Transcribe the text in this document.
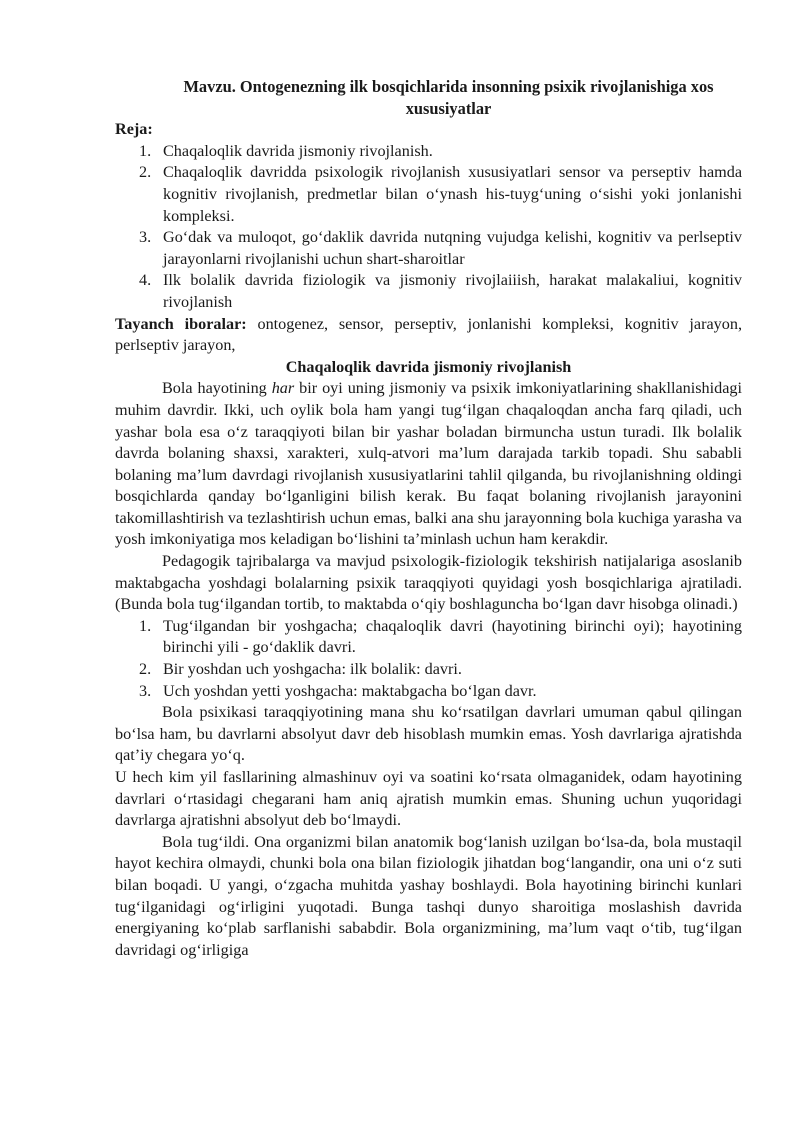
Mavzu. Ontogenezning ilk bosqichlarida insonning psixik rivojlanishiga xos xususiyatlar

Reja:
1. Chaqaloqlik davrida jismoniy rivojlanish.
2. Chaqaloqlik davridda psixologik rivojlanish xususiyatlari sensor va perseptiv hamda kognitiv rivojlanish, predmetlar bilan o‘ynash his-tuyg‘uning o‘sishi yoki jonlanishi kompleksi.
3. Go‘dak va muloqot, go‘daklik davrida nutqning vujudga kelishi, kognitiv va perlseptiv jarayonlarni rivojlanishi uchun shart-sharoitlar
4. Ilk bolalik davrida fiziologik va jismoniy rivojlaiiish, harakat malakaliui, kognitiv rivojlanish

Tayanch iboralar: ontogenez, sensor, perseptiv, jonlanishi kompleksi, kognitiv jarayon, perlseptiv jarayon,

Chaqaloqlik davrida jismoniy rivojlanish

Bola hayotining har bir oyi uning jismoniy va psixik imkoniyatlarining shakllanishidagi muhim davrdir. Ikki, uch oylik bola ham yangi tug‘ilgan chaqaloqdan ancha farq qiladi, uch yashar bola esa o‘z taraqqiyoti bilan bir yashar boladan birmuncha ustun turadi. Ilk bolalik davrda bolaning shaxsi, xarakteri, xulq-atvori ma’lum darajada tarkib topadi. Shu sababli bolaning ma’lum davrdagi rivojlanish xususiyatlarini tahlil qilganda, bu rivojlanishning oldingi bosqichlarda qanday bo‘lganligini bilish kerak. Bu faqat bolaning rivojlanish jarayonini takomillashtirish va tezlashtirish uchun emas, balki ana shu jarayonning bola kuchiga yarasha va yosh imkoniyatiga mos keladigan bo‘lishini ta’minlash uchun ham kerakdir.

Pedagogik tajribalarga va mavjud psixologik-fiziologik tekshirish natijalariga asoslanib maktabgacha yoshdagi bolalarning psixik taraqqiyoti quyidagi yosh bosqichlariga ajratiladi.(Bunda bola tug‘ilgandan tortib, to maktabda o‘qiy boshlaguncha bo‘lgan davr hisobga olinadi.)

1. Tug‘ilgandan bir yoshgacha; chaqaloqlik davri (hayotining birinchi oyi); hayotining birinchi yili - go‘daklik davri.
2. Bir yoshdan uch yoshgacha: ilk bolalik: davri.
3. Uch yoshdan yetti yoshgacha: maktabgacha bo‘lgan davr.

Bola psixikasi taraqqiyotining mana shu ko‘rsatilgan davrlari umuman qabul qilingan bo‘lsa ham, bu davrlarni absolyut davr deb hisoblash mumkin emas. Yosh davrlariga ajratishda qat’iy chegara yo‘q.

U hech kim yil fasllarining almashinuv oyi va soatini ko‘rsata olmaganidek, odam hayotining davrlari o‘rtasidagi chegarani ham aniq ajratish mumkin emas. Shuning uchun yuqoridagi davrlarga ajratishni absolyut deb bo‘lmaydi.

Bola tug‘ildi. Ona organizmi bilan anatomik bog‘lanish uzilgan bo‘lsa-da, bola mustaqil hayot kechira olmaydi, chunki bola ona bilan fiziologik jihatdan bog‘langandir, ona uni o‘z suti bilan boqadi. U yangi, o‘zgacha muhitda yashay boshlaydi. Bola hayotining birinchi kunlari tug‘ilganidagi og‘irligini yuqotadi. Bunga tashqi dunyo sharoitiga moslashish davrida energiyaning ko‘plab sarflanishi sababdir. Bola organizmining, ma’lum vaqt o‘tib, tug‘ilgan davridagi og‘irligiga
